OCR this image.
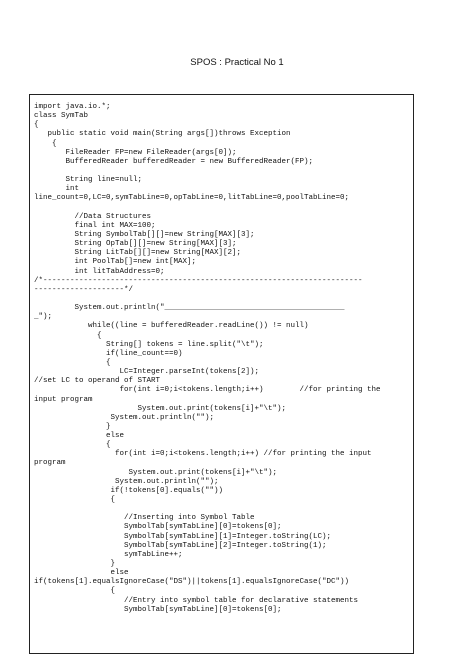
SPOS : Practical No 1
import java.io.*;
class SymTab
{
public static void main(String args[])throws Exception
{
FileReader FP=new FileReader(args[0]);
BufferedReader bufferedReader = new BufferedReader(FP);
String line=null;
int
line_count=0,LC=0,symTabLine=0,opTabLine=0,litTabLine=0,poolTabLine=0;
//Data Structures
final int MAX=100;
String SymbolTab[][]=new String[MAX][3];
String OpTab[][]=new String[MAX][3];
String LitTab[][]=new String[MAX][2];
int PoolTab[]=new int[MAX];
int litTabAddress=0;
/*-----------------------------------------------------------------------
--------------------*/
System.out.println("________________________________________
_");
while((line = bufferedReader.readLine()) != null)
{
String[] tokens = line.split("\t");
if(line_count==0)
{
LC=Integer.parseInt(tokens[2]);
//set LC to operand of START
for(int i=0;i<tokens.length;i++)        //for printing the
input program
System.out.print(tokens[i]+"\t");
System.out.println("");
}
else
{
for(int i=0;i<tokens.length;i++) //for printing the input
program
System.out.print(tokens[i]+"\t");
System.out.println("");
if(!tokens[0].equals(""))
{
//Inserting into Symbol Table
SymbolTab[symTabLine][0]=tokens[0];
SymbolTab[symTabLine][1]=Integer.toString(LC);
SymbolTab[symTabLine][2]=Integer.toString(1);
symTabLine++;
}
else
if(tokens[1].equalsIgnoreCase("DS")||tokens[1].equalsIgnoreCase("DC"))
{
//Entry into symbol table for declarative statements
SymbolTab[symTabLine][0]=tokens[0];
